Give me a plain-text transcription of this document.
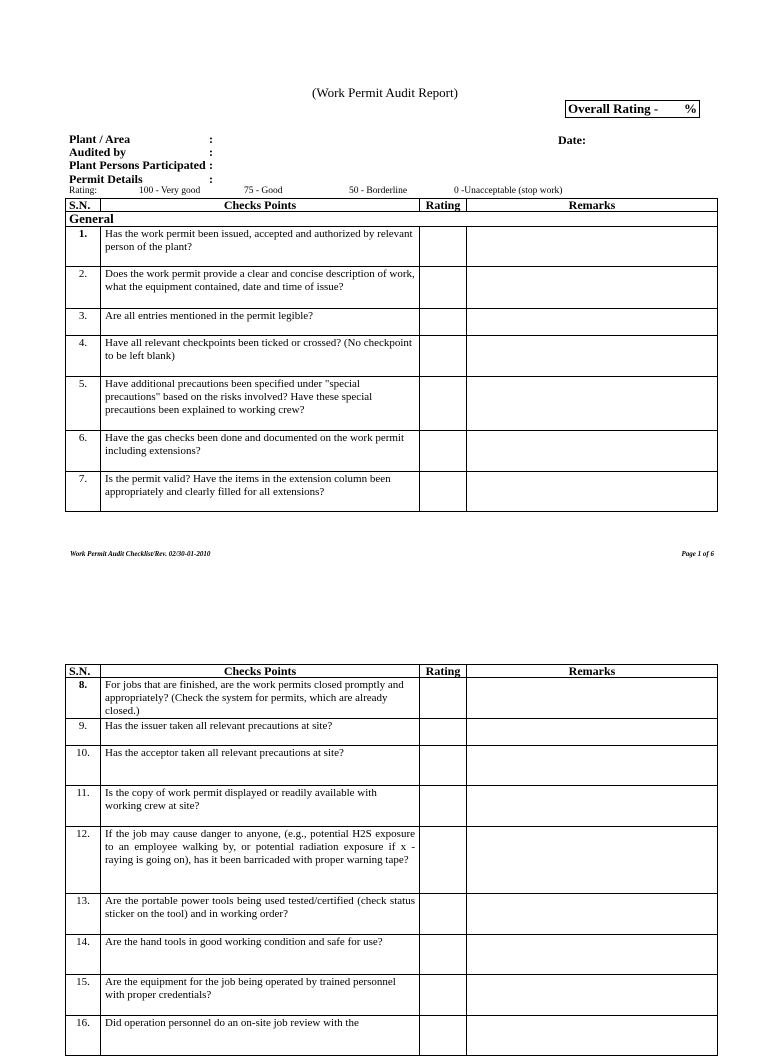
(Work Permit Audit Report)
Overall Rating - %
Plant / Area	:
Audited by	:
Plant Persons Participated :
Permit Details	:
Date:
Rating:	100 - Very good	75 - Good	50 - Borderline	0 -Unacceptable (stop work)
S.N.	Checks Points	Rating	Remarks
General			
1.	Has the work permit been issued, accepted and authorized by relevant person of the plant?		
2.	Does the work permit provide a clear and concise description of work, what the equipment contained, date and time of issue?		
3.	Are all entries mentioned in the permit legible?		
4.	Have all relevant checkpoints been ticked or crossed? (No checkpoint to be left blank)		
5.	Have additional precautions been specified under "special precautions" based on the risks involved? Have these special precautions been explained to working crew?		
6.	Have the gas checks been done and documented on the work permit including extensions?		
7.	Is the permit valid? Have the items in the extension column been appropriately and clearly filled for all extensions?		
Work Permit Audit Checklist/Rev. 02/30-01-2010	Page 1 of 6
S.N.	Checks Points	Rating	Remarks
8.	For jobs that are finished, are the work permits closed promptly and appropriately? (Check the system for permits, which are already closed.)		
9.	Has the issuer taken all relevant precautions at site?		
10.	Has the acceptor taken all relevant precautions at site?		
11.	Is the copy of work permit displayed or readily available with working crew at site?		
12.	If the job may cause danger to anyone, (e.g., potential H2S exposure to an employee walking by, or potential radiation exposure if x - raying is going on), has it been barricaded with proper warning tape?		
13.	Are the portable power tools being used tested/certified (check status sticker on the tool) and in working order?		
14.	Are the hand tools in good working condition and safe for use?		
15.	Are the equipment for the job being operated by trained personnel with proper credentials?		
16.	Did operation personnel do an on-site job review with the		
